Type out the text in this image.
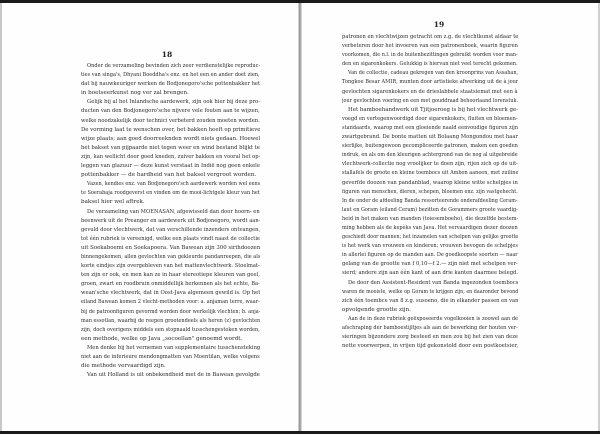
18
Onder de verzameling bevinden zich zeer verdienstelijke reproduc-
ties van singa's, Dhyani Boeddha's enz. en het een en ander doet zien,
dat bij nauwkeuriger werken de Bodjonegoro'sche pottenbakker het
in boetseerkunst nog ver zal brengen.
Gelijk bij al het Inlandsche aardewerk, zijn ook hier bij deze pro-
ducten van den Bodjonegoro'sche nijvere vele fouten aan te wijzen,
welke noodzakelijk door technici verbeterd zouden moeten worden.
De vorming laat te wenschen over, het bakken heeft op primitieve
wijze plaats; aan goed doorreeknden wordt niets gedaan. Hoewel
het bakset van pijpaarde niet tegen weer en wind bestand blijkt te
zijn, kan wellicht door goed kneden, zuiver bakken en vooral het op-
leggen van glazuur — deze kunst verstaat in Indië nog geen enkele
pottenbakker — de hardheid van het baksel vergroot worden.
Vazen, kendies enz. van Bodjonegoro'sch aardewerk worden wel eens
te Soerabaja roodgeverst en vinden om de mooi-lichtgele kleur van het
baksel hier wel aftrek.
De verzameling van MOENASAN, afgewisseld dan door hoorn- en
beenwerk uit de Preanger en aardewerk uit Bodjonegoro, wordt aan-
gevuld door vlechtwerk, dat van verschillende inzenders ontvangen,
tot één rubriek is vereenigd, welke een plaats vindt naast de collectie
uit Soekaboemi en Soekapoera. Van Bawean zijn 300 sirihdoozen
binnengekomen, allen gevlochten van gekleurde pandanreepen, die als
korte eindjes zijn overgebleven van het mattenvlechtwerk. Stoelmat-
ten zijn er ook, en men kan ze in haar stereotiepe kleuren van geel,
groen, zwart en roodbruin onmiddellijk herkennen als het echte, Ba-
wean'sche vlechtwerk, dat in Oost-Java algemeen gewild is. Op het
eiland Bawean komen 2 vlecht-methoden voor: a. anjaman terre, waar-
bij de patroonfiguren gevormd worden door werkelijk vlechten; b. anja-
man essotlan, waarbij de reepen grootendeels als heren (z) gevlochten
zijn, doch overigens middels een stopnaald tusschengestoken worden,
een methode, welke op Java „socoellan" genoemd wordt.
Men denke bij het vernemen van supplementaire tusschensteking
niet aan de inferieure mendongmatten van Moentilan, welke volgens
die methode vervaardigd zijn.
Van uit Holland is uit onbekendheid met de in Bawean gevolgde
19
patronen en vlechtwijzen getracht om z.g. de vlechtkunst aldaar te
verbeteren door het invoeren van een patronenboek, waarin figuren
voorkomen, die n.l. in de buitenbezittingen gebruikt worden voor man-
den en sigarenkokers. Gelukkig is hiervan niet veel terecht gekomen.
Van de collectie, cadeau gekregen van den kroonprins van Assahan,
Tongkoe Besar AMIR, munten door artistieke afwerking uit de à jour
gevlochten sigarenkokers en de drieslabbele staatsiemat met een à
jour gevlochten voering en een met gouddraad behoorlaand lorenstuk.
Het bamboehandwerk uit Tjitjoeroeg is bij het vlechtwerk ge-
voegd en vertegenwoordigd door sigarenkokers, fluiten en bloemen-
standaards, waarop met een gloeiende naald eenvoudige figuren zijn
zwartgebrand. De bonte matten uit Bolaang Mongondou met haar
sierlijke, buitengewoon gecompliceerde patronen, maken een goeden
indruk, en als om den kleurigen achtergrond van de nog al uitgebreide
vlechtwerk-collectie nog vroolijker te doen zijn, rijen zich op de uit-
stallafels de groote en kleine toembocs uit Ambon aaneen, met zuiline
geverfde doozen van pandanblad, waarop kleine witte schelpjes in
figuren van menschen, dieren, schepen, bloemen enz. zijn vastgehecht.
In de onder de afdeeling Banda ressorteerende onderafdeeling Ceram-
laut en Goram (eiland Ceram) bezitten de Gorammers groote vaardig-
heid in het maken van manden (toiesemboeho), die dezelfde bestem-
ming hebben als de kepèks van Java. Het vervaardigen dezer doozen
geschiedt door mannen; het inzamelen van schelpen van gelijke grootte
is het werk van vrouwen en kinderen; vrouwen bevogen de schelpjes
in allerlei figuren op de manden aan. De goedkoopste soorten — naar
gelang van de grootte van f 0,10—f 2.— zijn niet met schelpen ver-
sierd; andere zijn aan één kant of aan drie kanten daarmee belegd.
De door den Assistent-Resident van Banda ingezonden toembocs
waren de mooiste, welke op Goram te krijgen zijn, en daaronder bevond
zich één toembce van 8 z.g. susoeno, die in elkander passen en van
opvolgende grootte zijn.
Aan de in deze rubriek geëxposeerde vogelkooien is zoowel aan de
afschraping der bamboestijltjes als aan de bewerking der houten ver-
sieringen bijzondere zorg besteed en men zou bij het zien van deze
nette voorwerpen, in vrijen tijd gekonstold door een postkoetsier,
